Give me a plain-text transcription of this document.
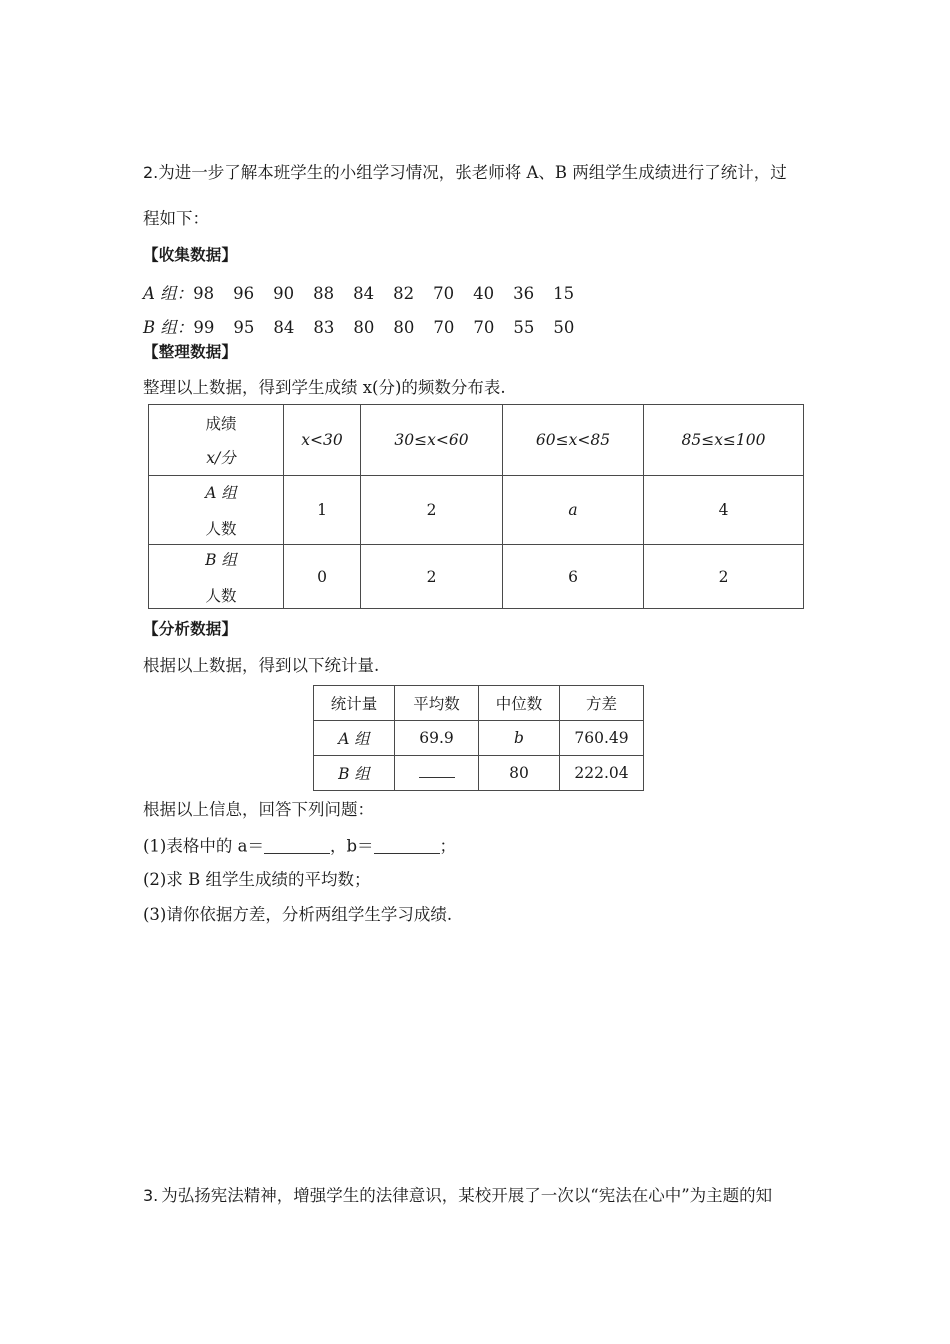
2.为进一步了解本班学生的小组学习情况，张老师将 A、B 两组学生成绩进行了统计，过
程如下：
【收集数据】
A 组：98 96 90 88 84 82 70 40 36 15
B 组：99 95 84 83 80 80 70 70 55 50
【整理数据】
整理以上数据，得到学生成绩 x(分)的频数分布表.
成绩
x/分	x<30	30≤x<60	60≤x<85	85≤x≤100

A 组
人数	1	2	a	4

B 组
人数	0	2	6	2
【分析数据】
根据以上数据，得到以下统计量.
统计量	平均数	中位数	方差
A 组	69.9	b	760.49
B 组		80	222.04
根据以上信息，回答下列问题：
(1)表格中的 a＝	，b＝	；
(2)求 B 组学生成绩的平均数；
(3)请你依据方差，分析两组学生学习成绩.
3. 为弘扬宪法精神，增强学生的法律意识，某校开展了一次以“宪法在心中”为主题的知
